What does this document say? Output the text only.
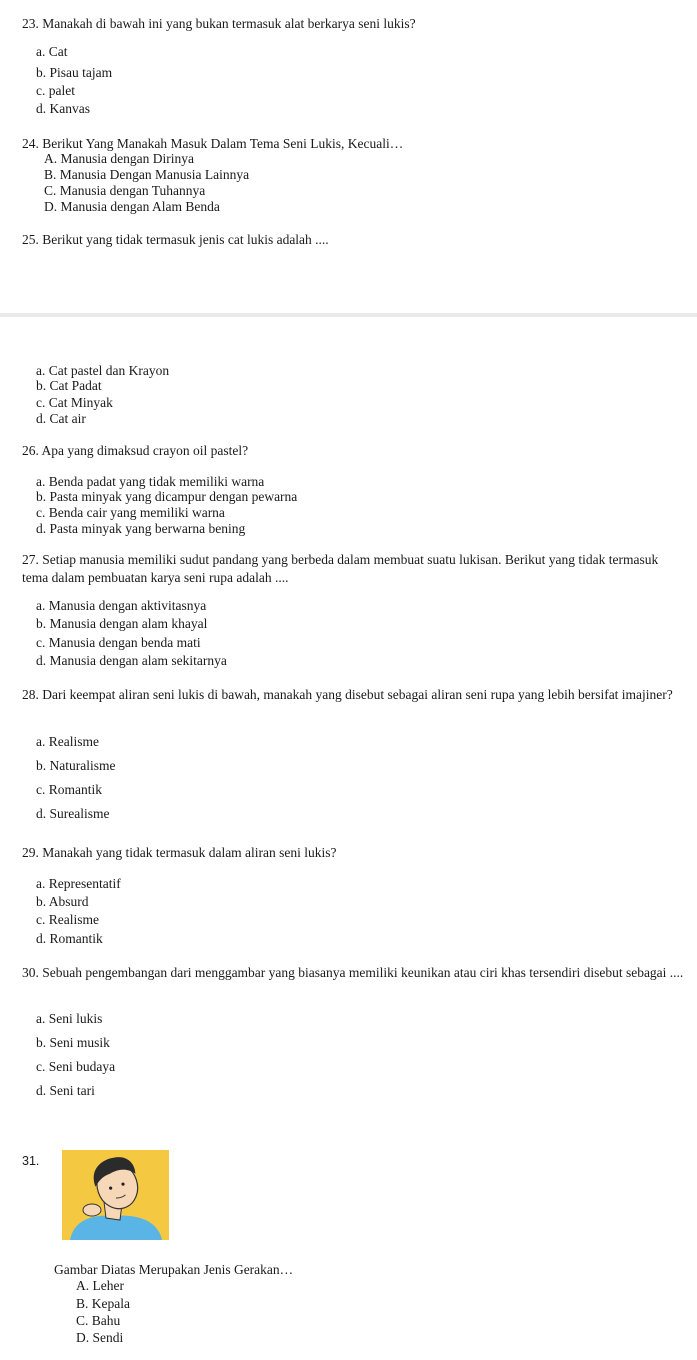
23. Manakah di bawah ini yang bukan termasuk alat berkarya seni lukis?

a. Cat

b. Pisau tajam

c. palet

d. Kanvas

24. Berikut Yang Manakah Masuk Dalam Tema Seni Lukis, Kecuali…

A. Manusia dengan Dirinya

B. Manusia Dengan Manusia Lainnya

C. Manusia dengan Tuhannya

D. Manusia dengan Alam Benda

25. Berikut yang tidak termasuk jenis cat lukis adalah ....

a. Cat pastel dan Krayon

b. Cat Padat

c. Cat Minyak

d. Cat air

26. Apa yang dimaksud crayon oil pastel?

a. Benda padat yang tidak memiliki warna

b. Pasta minyak yang dicampur dengan pewarna

c. Benda cair yang memiliki warna

d. Pasta minyak yang berwarna bening

27. Setiap manusia memiliki sudut pandang yang berbeda dalam membuat suatu lukisan. Berikut yang tidak termasuk tema dalam pembuatan karya seni rupa adalah ....

a. Manusia dengan aktivitasnya

b. Manusia dengan alam khayal

c. Manusia dengan benda mati

d. Manusia dengan alam sekitarnya

28. Dari keempat aliran seni lukis di bawah, manakah yang disebut sebagai aliran seni rupa yang lebih bersifat imajiner?

a. Realisme

b. Naturalisme

c. Romantik

d. Surealisme

29. Manakah yang tidak termasuk dalam aliran seni lukis?

a. Representatif

b. Absurd

c. Realisme

d. Romantik

30. Sebuah pengembangan dari menggambar yang biasanya memiliki keunikan atau ciri khas tersendiri disebut sebagai ....

a. Seni lukis

b. Seni musik

c. Seni budaya

d. Seni tari

31.

Gambar Diatas Merupakan Jenis Gerakan…

A. Leher

B. Kepala

C. Bahu

D. Sendi
